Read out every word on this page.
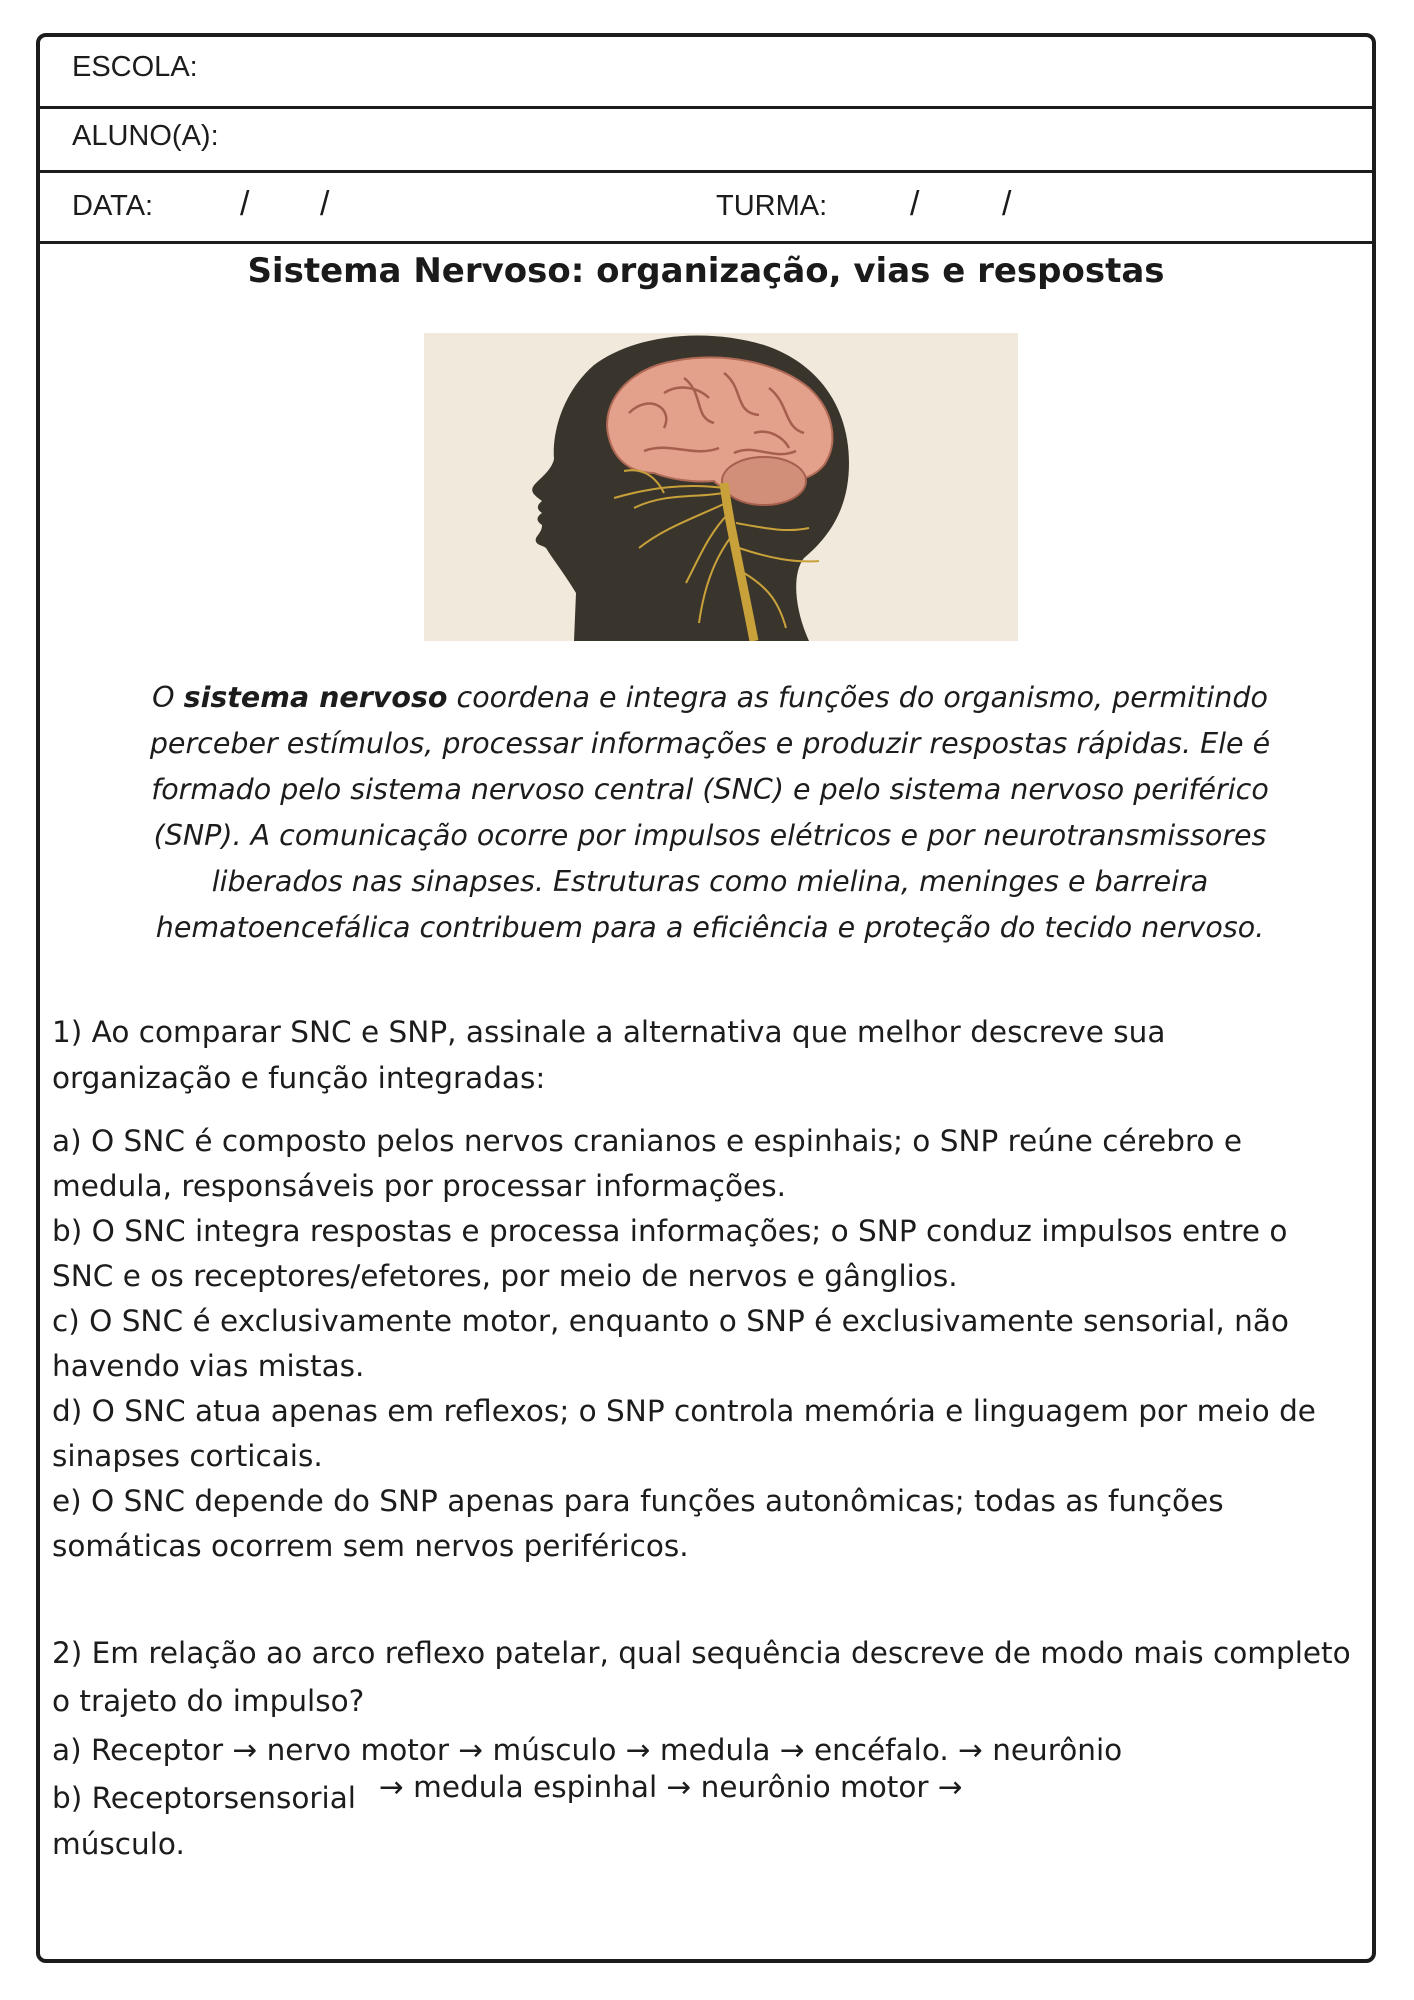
ESCOLA:
ALUNO(A):
DATA:	/ /	TURMA: / /
Sistema Nervoso: organização, vias e respostas
O sistema nervoso coordena e integra as funções do organismo, permitindo perceber estímulos, processar informações e produzir respostas rápidas. Ele é formado pelo sistema nervoso central (SNC) e pelo sistema nervoso periférico (SNP). A comunicação ocorre por impulsos elétricos e por neurotransmissores liberados nas sinapses. Estruturas como mielina, meninges e barreira hematoencefálica contribuem para a eficiência e proteção do tecido nervoso.
1) Ao comparar SNC e SNP, assinale a alternativa que melhor descreve sua organização e função integradas:
a) O SNC é composto pelos nervos cranianos e espinhais; o SNP reúne cérebro e medula, responsáveis por processar informações.
b) O SNC integra respostas e processa informações; o SNP conduz impulsos entre o SNC e os receptores/efetores, por meio de nervos e gânglios.
c) O SNC é exclusivamente motor, enquanto o SNP é exclusivamente sensorial, não havendo vias mistas.
d) O SNC atua apenas em reflexos; o SNP controla memória e linguagem por meio de sinapses corticais.
e) O SNC depende do SNP apenas para funções autonômicas; todas as funções somáticas ocorrem sem nervos periféricos.
2) Em relação ao arco reflexo patelar, qual sequência descreve de modo mais completo o trajeto do impulso?
a) Receptor → nervo motor → músculo → medula → encéfalo. → neurônio
b) Receptorsensorial → medula espinhal → neurônio motor →
músculo.
